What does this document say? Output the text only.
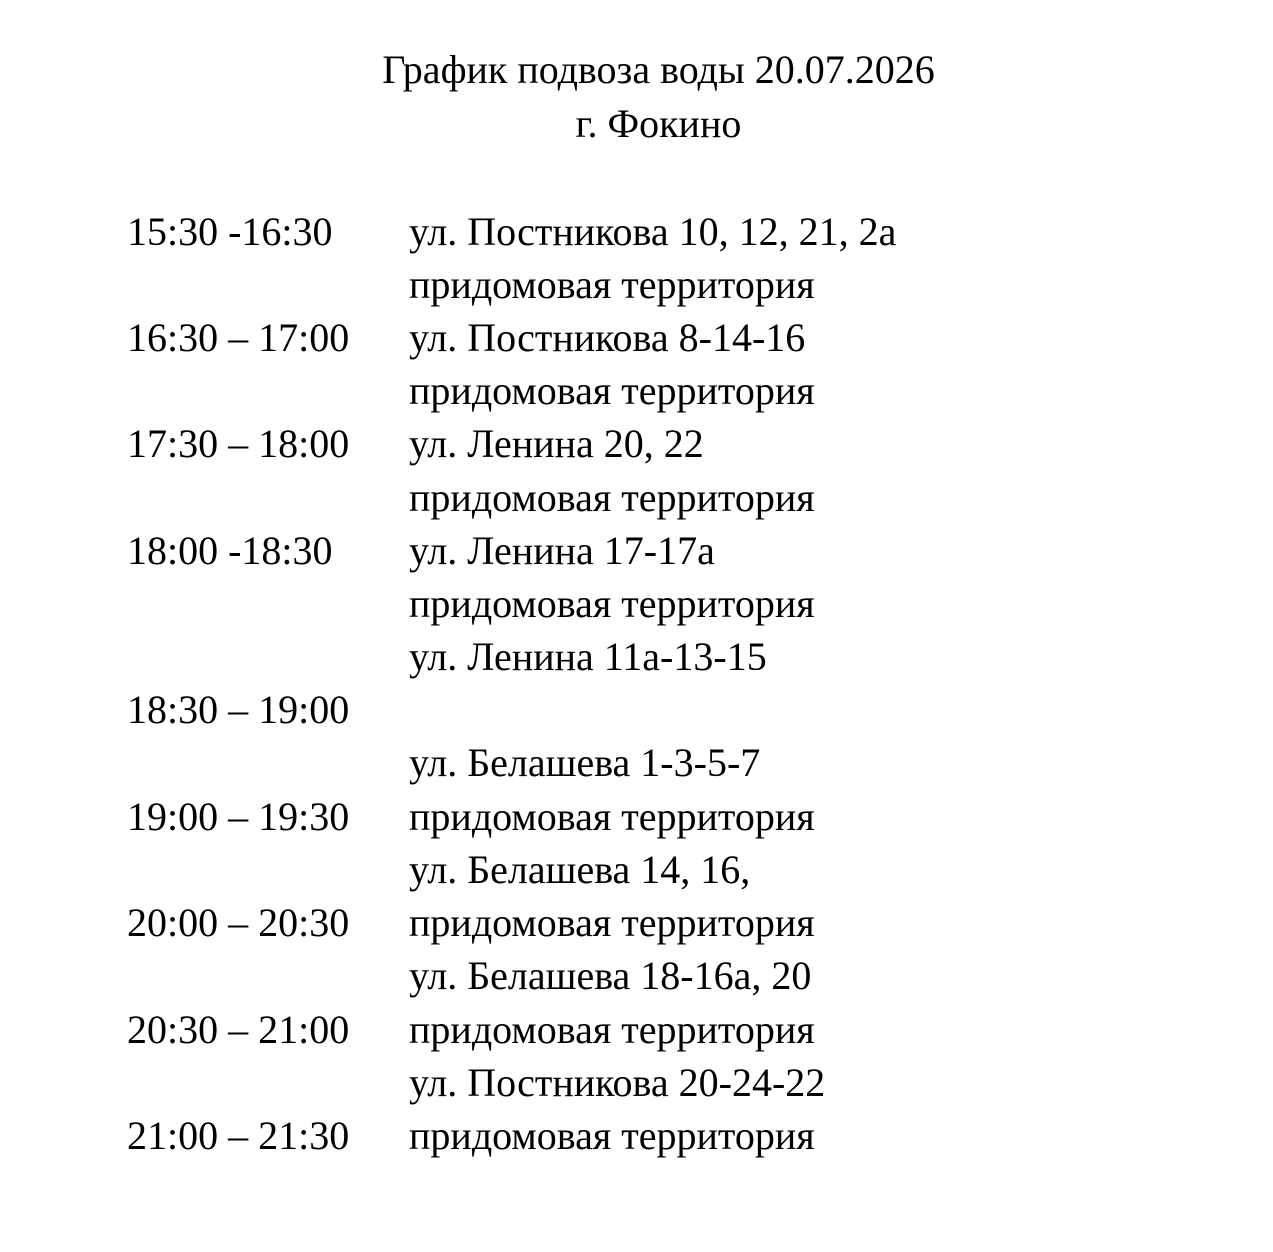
График подвоза воды 20.07.2026
г. Фокино
15:30 -16:30
16:30 – 17:00
17:30 – 18:00
18:00 -18:30
18:30 – 19:00
19:00 – 19:30
20:00 – 20:30
20:30 – 21:00
21:00 – 21:30
ул. Постникова 10, 12, 21, 2а
придомовая территория
ул. Постникова 8-14-16
придомовая территория
ул. Ленина 20, 22
придомовая территория
ул. Ленина 17-17а
придомовая территория
ул. Ленина 11а-13-15
ул. Белашева 1-3-5-7
придомовая территория
ул. Белашева 14, 16,
придомовая территория
ул. Белашева 18-16а, 20
придомовая территория
ул. Постникова 20-24-22
придомовая территория
